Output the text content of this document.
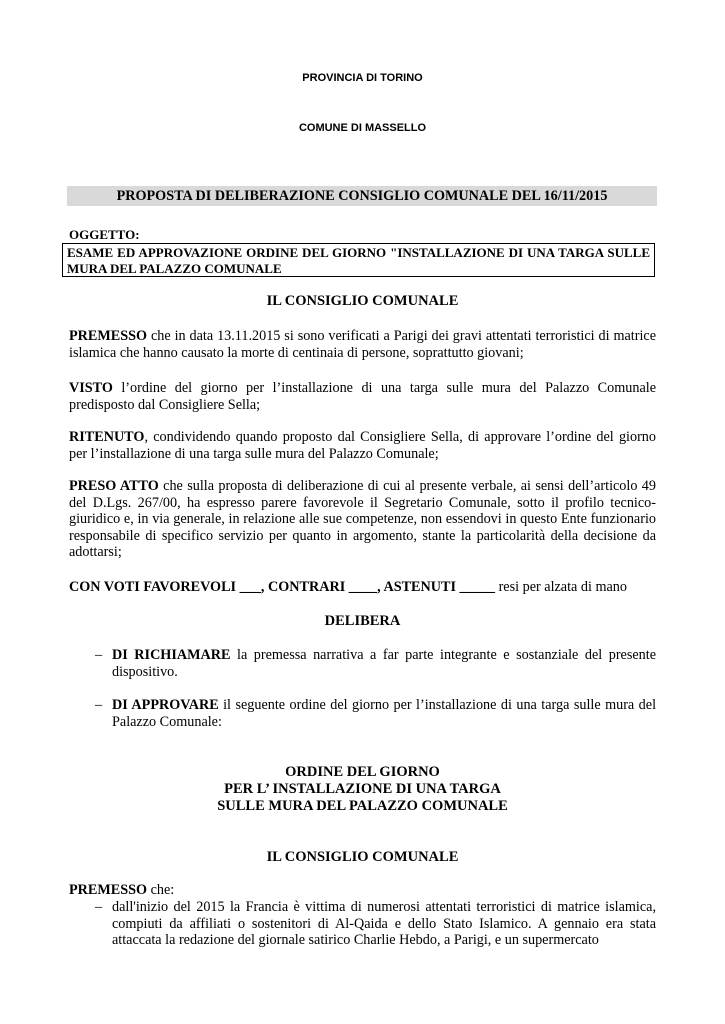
PROVINCIA DI TORINO
COMUNE DI MASSELLO
PROPOSTA DI DELIBERAZIONE CONSIGLIO COMUNALE DEL 16/11/2015
OGGETTO:
ESAME ED APPROVAZIONE ORDINE DEL GIORNO "INSTALLAZIONE DI UNA TARGA SULLE MURA DEL PALAZZO COMUNALE
IL CONSIGLIO COMUNALE

PREMESSO che in data 13.11.2015 si sono verificati a Parigi dei gravi attentati terroristici di matrice islamica che hanno causato la morte di centinaia di persone, soprattutto giovani;

VISTO l’ordine del giorno per l’installazione di una targa sulle mura del Palazzo Comunale predisposto dal Consigliere Sella;

RITENUTO, condividendo quando proposto dal Consigliere Sella, di approvare l’ordine del giorno per l’installazione di una targa sulle mura del Palazzo Comunale;

PRESO ATTO che sulla proposta di deliberazione di cui al presente verbale, ai sensi dell’articolo 49 del D.Lgs. 267/00, ha espresso parere favorevole il Segretario Comunale, sotto il profilo tecnico-giuridico e, in via generale, in relazione alle sue competenze, non essendovi in questo Ente funzionario responsabile di specifico servizio per quanto in argomento, stante la particolarità della decisione da adottarsi;

CON VOTI FAVOREVOLI ___, CONTRARI ____, ASTENUTI _____ resi per alzata di mano
DELIBERA
– DI RICHIAMARE la premessa narrativa a far parte integrante e sostanziale del presente dispositivo.

– DI APPROVARE il seguente ordine del giorno per l’installazione di una targa sulle mura del Palazzo Comunale:

ORDINE DEL GIORNO
PER L’ INSTALLAZIONE DI UNA TARGA
SULLE MURA DEL PALAZZO COMUNALE
IL CONSIGLIO COMUNALE

PREMESSO che:

– dall'inizio del 2015 la Francia è vittima di numerosi attentati terroristici di matrice islamica, compiuti da affiliati o sostenitori di Al-Qaida e dello Stato Islamico. A gennaio era stata attaccata la redazione del giornale satirico Charlie Hebdo, a Parigi, e un supermercato
